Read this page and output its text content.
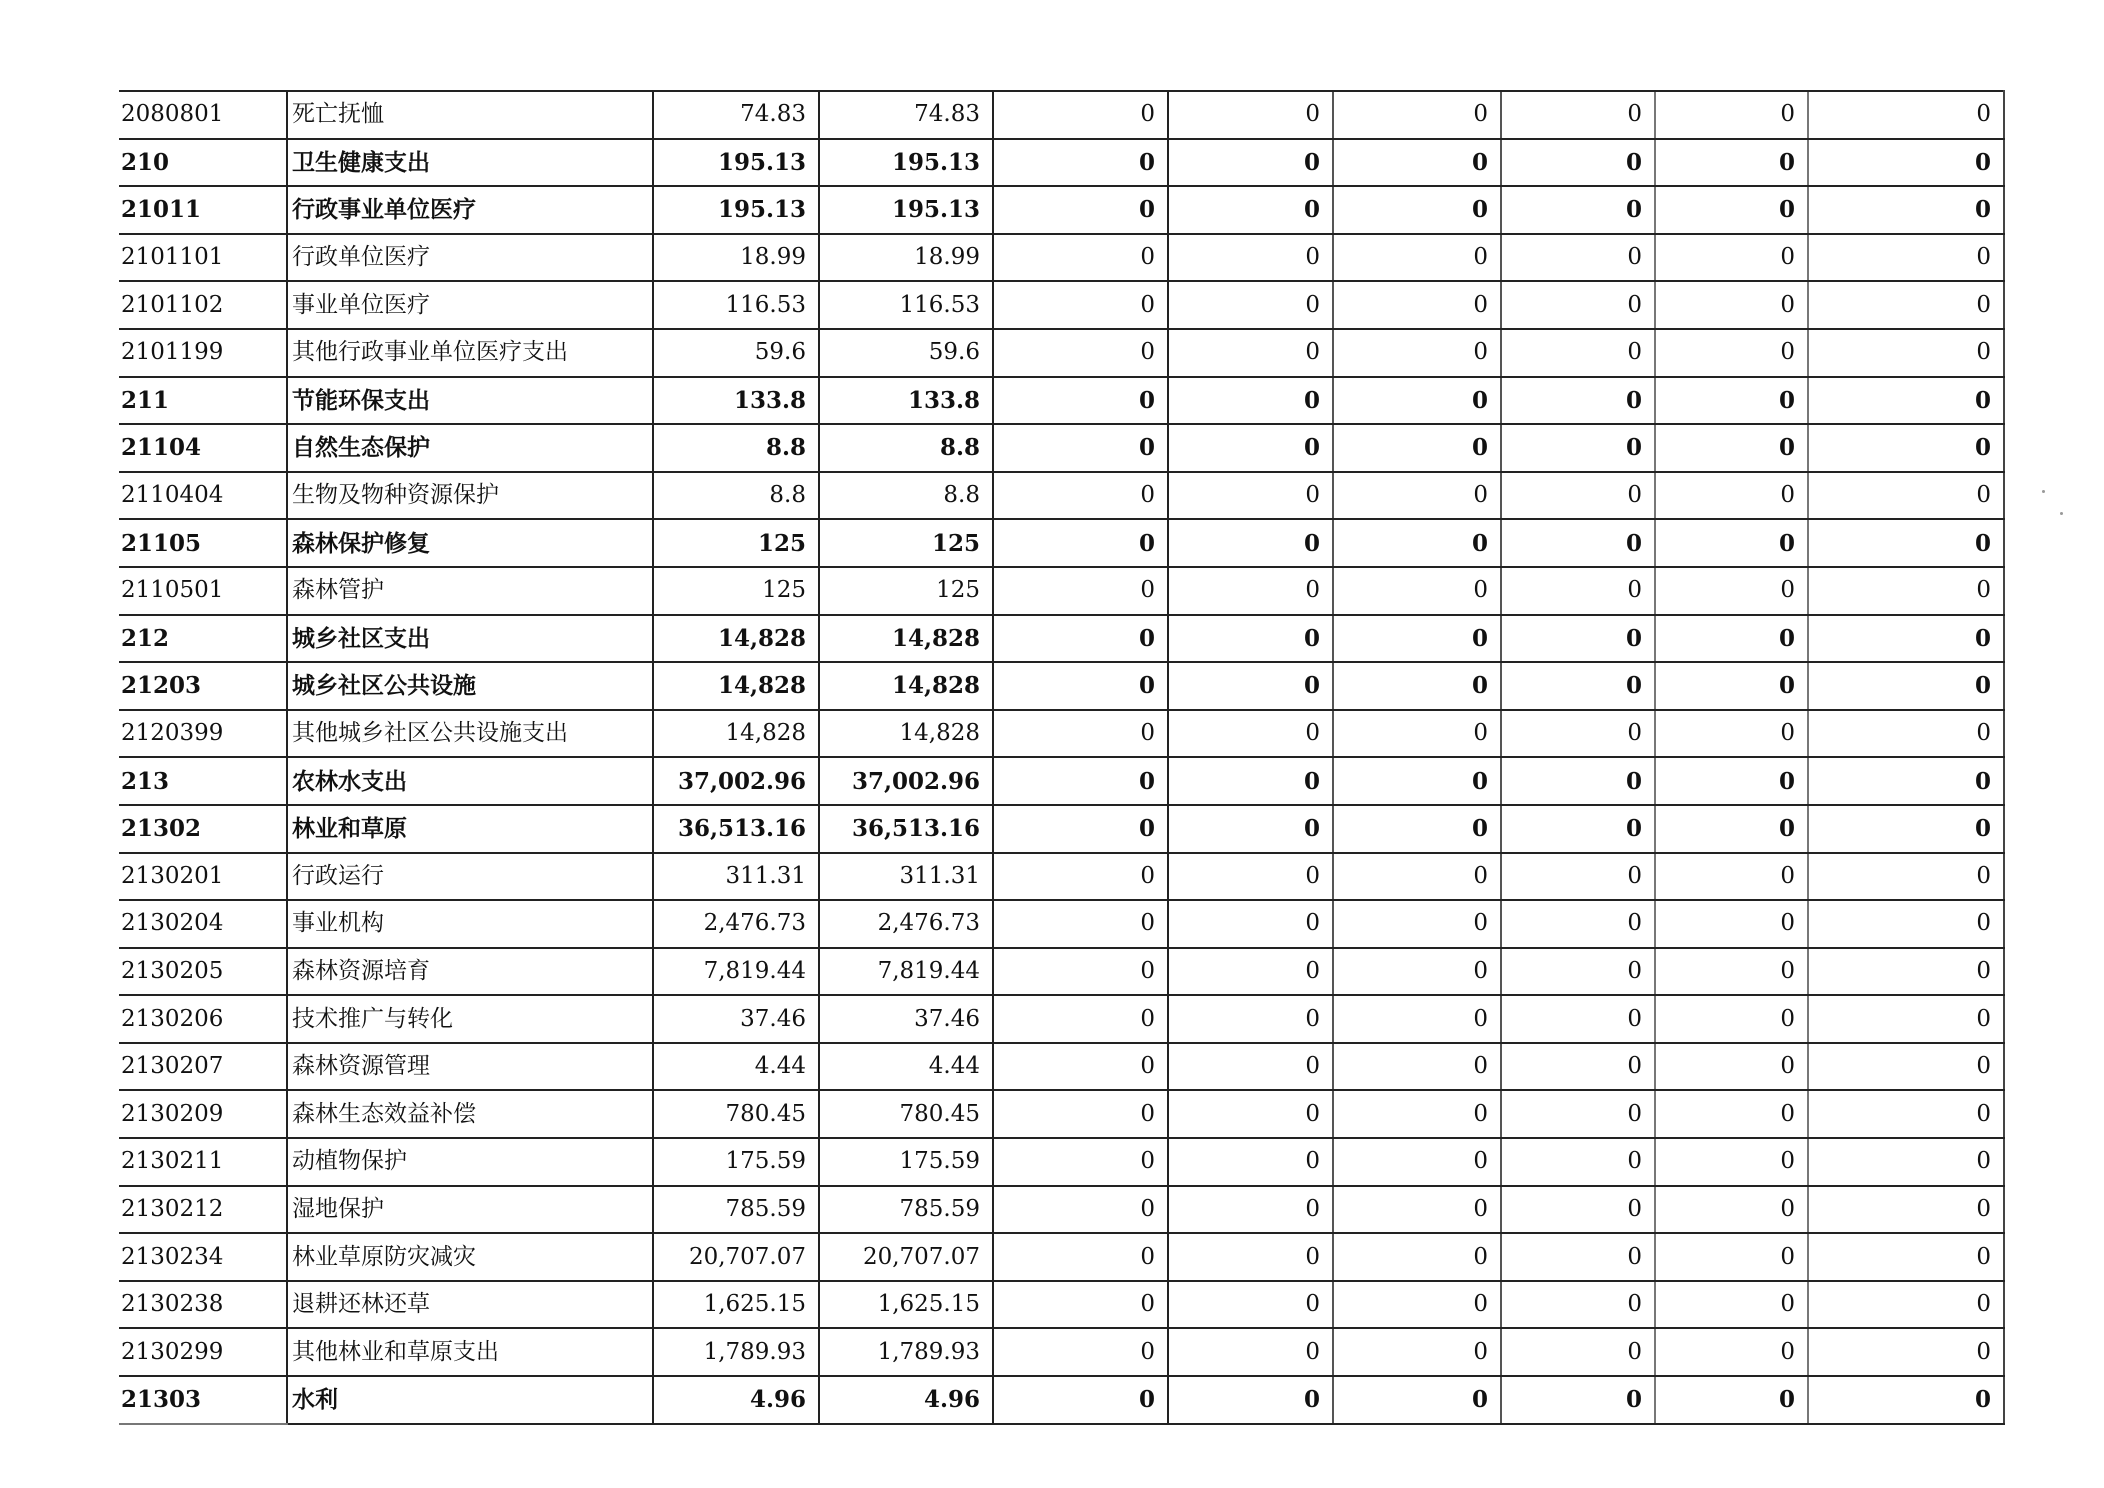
2080801	死亡抚恤	74.83	74.83	0	0	0	0	0	0
210	卫生健康支出	195.13	195.13	0	0	0	0	0	0
21011	行政事业单位医疗	195.13	195.13	0	0	0	0	0	0
2101101	行政单位医疗	18.99	18.99	0	0	0	0	0	0
2101102	事业单位医疗	116.53	116.53	0	0	0	0	0	0
2101199	其他行政事业单位医疗支出	59.6	59.6	0	0	0	0	0	0
211	节能环保支出	133.8	133.8	0	0	0	0	0	0
21104	自然生态保护	8.8	8.8	0	0	0	0	0	0
2110404	生物及物种资源保护	8.8	8.8	0	0	0	0	0	0
21105	森林保护修复	125	125	0	0	0	0	0	0
2110501	森林管护	125	125	0	0	0	0	0	0
212	城乡社区支出	14,828	14,828	0	0	0	0	0	0
21203	城乡社区公共设施	14,828	14,828	0	0	0	0	0	0
2120399	其他城乡社区公共设施支出	14,828	14,828	0	0	0	0	0	0
213	农林水支出	37,002.96	37,002.96	0	0	0	0	0	0
21302	林业和草原	36,513.16	36,513.16	0	0	0	0	0	0
2130201	行政运行	311.31	311.31	0	0	0	0	0	0
2130204	事业机构	2,476.73	2,476.73	0	0	0	0	0	0
2130205	森林资源培育	7,819.44	7,819.44	0	0	0	0	0	0
2130206	技术推广与转化	37.46	37.46	0	0	0	0	0	0
2130207	森林资源管理	4.44	4.44	0	0	0	0	0	0
2130209	森林生态效益补偿	780.45	780.45	0	0	0	0	0	0
2130211	动植物保护	175.59	175.59	0	0	0	0	0	0
2130212	湿地保护	785.59	785.59	0	0	0	0	0	0
2130234	林业草原防灾减灾	20,707.07	20,707.07	0	0	0	0	0	0
2130238	退耕还林还草	1,625.15	1,625.15	0	0	0	0	0	0
2130299	其他林业和草原支出	1,789.93	1,789.93	0	0	0	0	0	0
21303	水利	4.96	4.96	0	0	0	0	0	0
